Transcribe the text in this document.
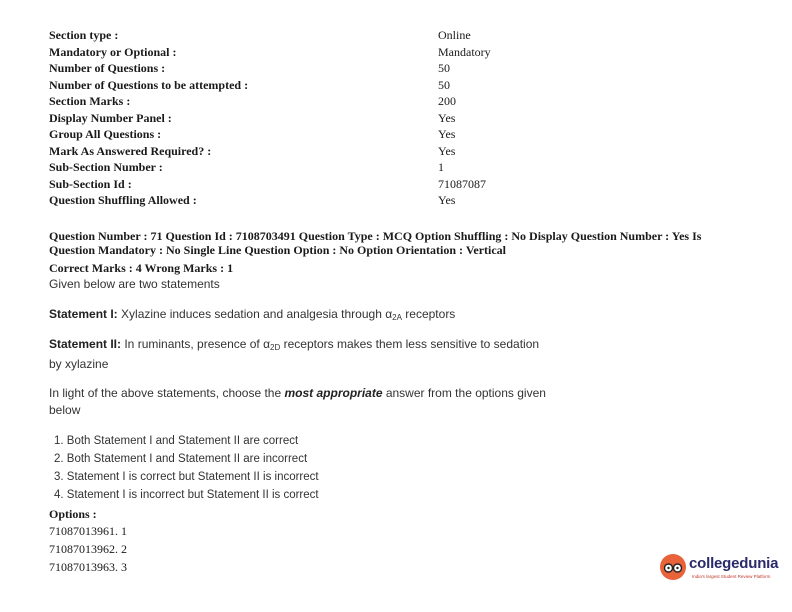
Section type :	Online
Mandatory or Optional :	Mandatory
Number of Questions :	50
Number of Questions to be attempted :	50
Section Marks :	200
Display Number Panel :	Yes
Group All Questions :	Yes
Mark As Answered Required? :	Yes
Sub-Section Number :	1
Sub-Section Id :	71087087
Question Shuffling Allowed :	Yes
Question Number : 71 Question Id : 7108703491 Question Type : MCQ Option Shuffling : No Display Question Number : Yes Is
Question Mandatory : No Single Line Question Option : No Option Orientation : Vertical
Correct Marks : 4 Wrong Marks : 1
Given below are two statements
Statement I: Xylazine induces sedation and analgesia through $\alpha_{2A}$ receptors
Statement II: In ruminants, presence of $\alpha_{2D}$ receptors makes them less sensitive to sedation
by xylazine
In light of the above statements, choose the most appropriate answer from the options given
below
1. Both Statement I and Statement II are correct
2. Both Statement I and Statement II are incorrect
3. Statement I is correct but Statement II is incorrect
4. Statement I is incorrect but Statement II is correct
Options :
71087013961. 1
71087013962. 2
71087013963. 3	collegedunia
India's largest Student Review Platform
